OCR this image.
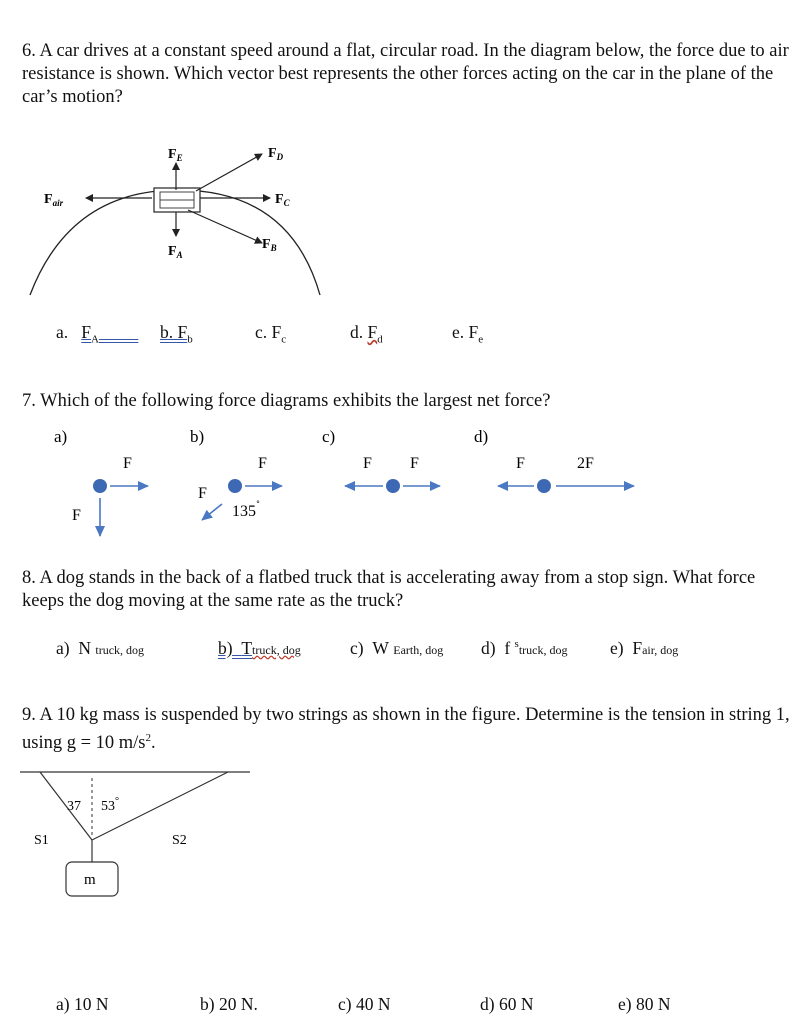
6. A car drives at a constant speed around a flat, circular road. In the diagram below, the force due to air resistance is shown. Which vector best represents the other forces acting on the car in the plane of the car’s motion?
$F_{air}$
$F_E$	$F_D$
$F_C$
$F_A$
$F_B$
a. $F_A$	b. $F_b$	c. $F_c$	d. $F_d$	e. $F_e$
7. Which of the following force diagrams exhibits the largest net force?
a)	b)	c)	d)
F
F
F
F
135˚
F F	F	2F
8. A dog stands in the back of a flatbed truck that is accelerating away from a stop sign. What force keeps the dog moving at the same rate as the truck?
a) N truck, dog	b) Ttruck, dog	c) W Earth, dog d) f $^s$truck, dog e) Fair, dog
9. A 10 kg mass is suspended by two strings as shown in the figure. Determine is the tension in string 1, using g = 10 $m/s^2$.
m
37 53°
S1	S2
a) 10 N	b) 20 N.	c) 40 N	d) 60 N	e) 80 N
